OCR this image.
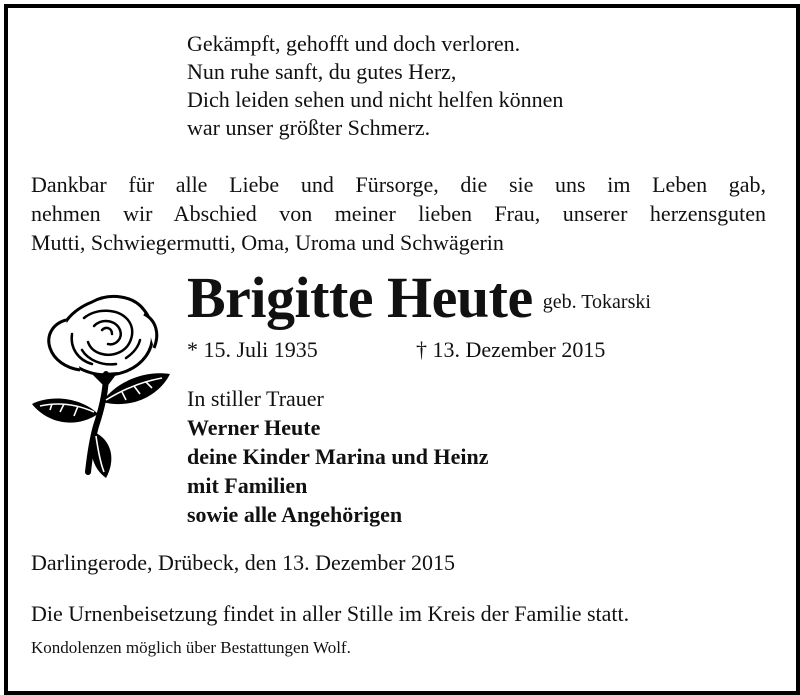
Gekämpft, gehofft und doch verloren.
Nun ruhe sanft, du gutes Herz,
Dich leiden sehen und nicht helfen können
war unser größter Schmerz.
Dankbar für alle Liebe und Fürsorge, die sie uns im Leben gab,
nehmen wir Abschied von meiner lieben Frau, unserer herzensguten
Mutti, Schwiegermutti, Oma, Uroma und Schwägerin
Brigitte Heute geb. Tokarski
* 15. Juli 1935	† 13. Dezember 2015
In stiller Trauer
Werner Heute
deine Kinder Marina und Heinz
mit Familien
sowie alle Angehörigen
Darlingerode, Drübeck, den 13. Dezember 2015
Die Urnenbeisetzung findet in aller Stille im Kreis der Familie statt.
Kondolenzen möglich über Bestattungen Wolf.
